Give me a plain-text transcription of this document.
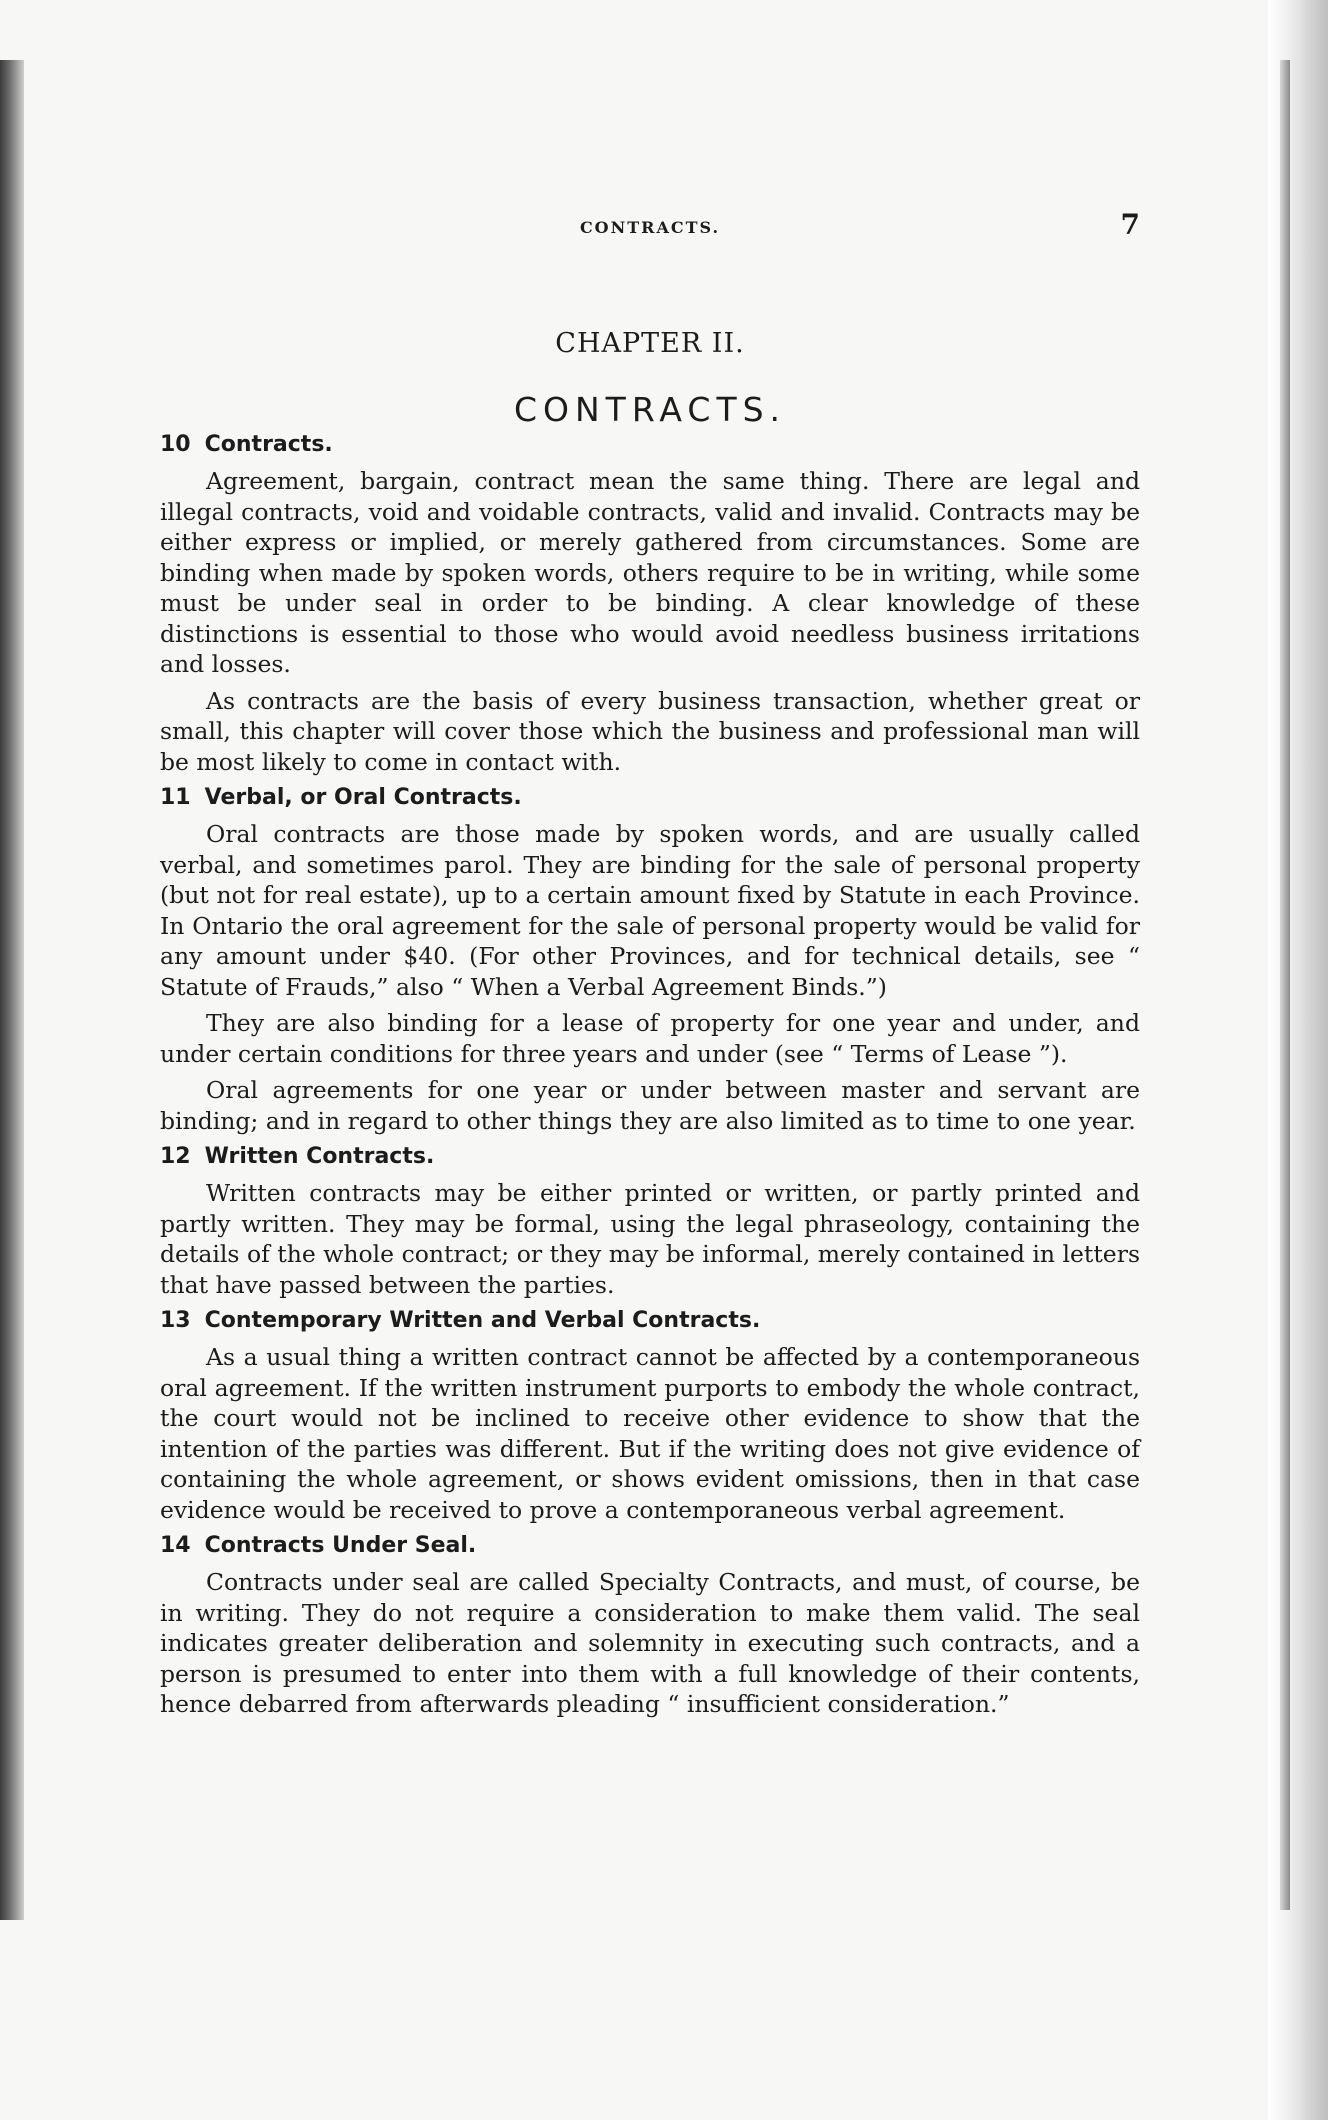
CONTRACTS.	7
CHAPTER II.
CONTRACTS.
10 Contracts.

Agreement, bargain, contract mean the same thing. There are legal and illegal contracts, void and voidable contracts, valid and invalid. Contracts may be either express or implied, or merely gathered from circumstances. Some are binding when made by spoken words, others require to be in writing, while some must be under seal in order to be binding. A clear knowledge of these distinctions is essential to those who would avoid needless business irritations and losses.

As contracts are the basis of every business transaction, whether great or small, this chapter will cover those which the business and professional man will be most likely to come in contact with.

11 Verbal, or Oral Contracts.

Oral contracts are those made by spoken words, and are usually called verbal, and sometimes parol. They are binding for the sale of personal property (but not for real estate), up to a certain amount fixed by Statute in each Province. In Ontario the oral agreement for the sale of personal property would be valid for any amount under $40. (For other Provinces, and for technical details, see “ Statute of Frauds,” also “ When a Verbal Agreement Binds.”)

They are also binding for a lease of property for one year and under, and under certain conditions for three years and under (see “ Terms of Lease ”).

Oral agreements for one year or under between master and servant are binding; and in regard to other things they are also limited as to time to one year.

12 Written Contracts.

Written contracts may be either printed or written, or partly printed and partly written. They may be formal, using the legal phraseology, containing the details of the whole contract; or they may be informal, merely contained in letters that have passed between the parties.

13 Contemporary Written and Verbal Contracts.

As a usual thing a written contract cannot be affected by a contemporaneous oral agreement. If the written instrument purports to embody the whole contract, the court would not be inclined to receive other evidence to show that the intention of the parties was different. But if the writing does not give evidence of containing the whole agreement, or shows evident omissions, then in that case evidence would be received to prove a contemporaneous verbal agreement.

14 Contracts Under Seal.

Contracts under seal are called Specialty Contracts, and must, of course, be in writing. They do not require a consideration to make them valid. The seal indicates greater deliberation and solemnity in executing such contracts, and a person is presumed to enter into them with a full knowledge of their contents, hence debarred from afterwards pleading “ insufficient consideration.”
